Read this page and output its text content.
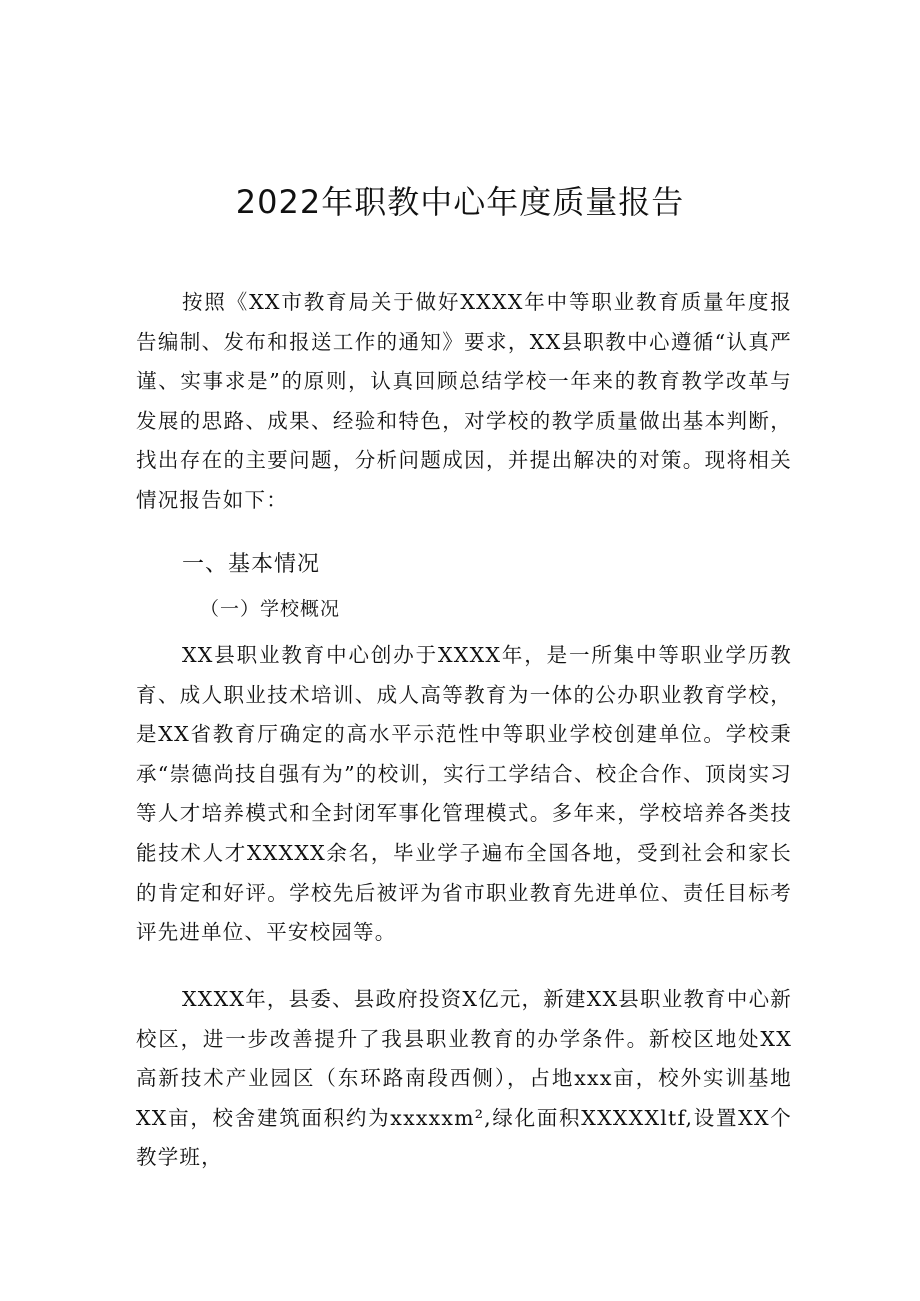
2022年职教中心年度质量报告

按照《XX市教育局关于做好XXXX年中等职业教育质量年度报告编制、发布和报送工作的通知》要求，XX县职教中心遵循“认真严谨、实事求是”的原则，认真回顾总结学校一年来的教育教学改革与发展的思路、成果、经验和特色，对学校的教学质量做出基本判断，找出存在的主要问题，分析问题成因，并提出解决的对策。现将相关情况报告如下：

一、基本情况
（一）学校概况

XX县职业教育中心创办于XXXX年，是一所集中等职业学历教育、成人职业技术培训、成人高等教育为一体的公办职业教育学校，是XX省教育厅确定的高水平示范性中等职业学校创建单位。学校秉承“崇德尚技自强有为”的校训，实行工学结合、校企合作、顶岗实习等人才培养模式和全封闭军事化管理模式。多年来，学校培养各类技能技术人才XXXXX余名，毕业学子遍布全国各地，受到社会和家长的肯定和好评。学校先后被评为省市职业教育先进单位、责任目标考评先进单位、平安校园等。

XXXX年，县委、县政府投资X亿元，新建XX县职业教育中心新校区，进一步改善提升了我县职业教育的办学条件。新校区地处XX高新技术产业园区（东环路南段西侧），占地xxx亩，校外实训基地XX亩，校舍建筑面积约为xxxxxm²,绿化面积XXXXXltf,设置XX个教学班，
